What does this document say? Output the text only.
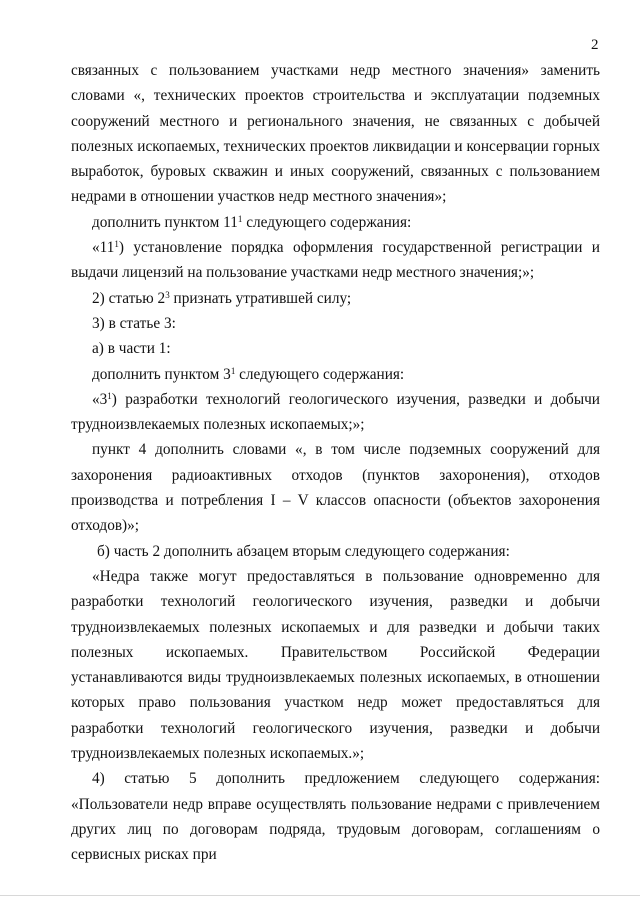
2

связанных с пользованием участками недр местного значения» заменить словами «, технических проектов строительства и эксплуатации подземных сооружений местного и регионального значения, не связанных с добычей полезных ископаемых, технических проектов ликвидации и консервации горных выработок, буровых скважин и иных сооружений, связанных с пользованием недрами в отношении участков недр местного значения»;

дополнить пунктом $11^1$ следующего содержания:

«$11^1$) установление порядка оформления государственной регистрации и выдачи лицензий на пользование участками недр местного значения;»;

2) статью $2^3$ признать утратившей силу;

3) в статье 3:

а) в части 1:

дополнить пунктом $3^1$ следующего содержания:

«$3^1$) разработки технологий геологического изучения, разведки и добычи трудноизвлекаемых полезных ископаемых;»;

пункт 4 дополнить словами «, в том числе подземных сооружений для захоронения радиоактивных отходов (пунктов захоронения), отходов производства и потребления I – V классов опасности (объектов захоронения отходов)»;

б) часть 2 дополнить абзацем вторым следующего содержания:

«Недра также могут предоставляться в пользование одновременно для разработки технологий геологического изучения, разведки и добычи трудноизвлекаемых полезных ископаемых и для разведки и добычи таких полезных ископаемых. Правительством Российской Федерации устанавливаются виды трудноизвлекаемых полезных ископаемых, в отношении которых право пользования участком недр может предоставляться для разработки технологий геологического изучения, разведки и добычи трудноизвлекаемых полезных ископаемых.»;

4) статью 5 дополнить предложением следующего содержания: «Пользователи недр вправе осуществлять пользование недрами с привлечением других лиц по договорам подряда, трудовым договорам, соглашениям о сервисных рисках при
